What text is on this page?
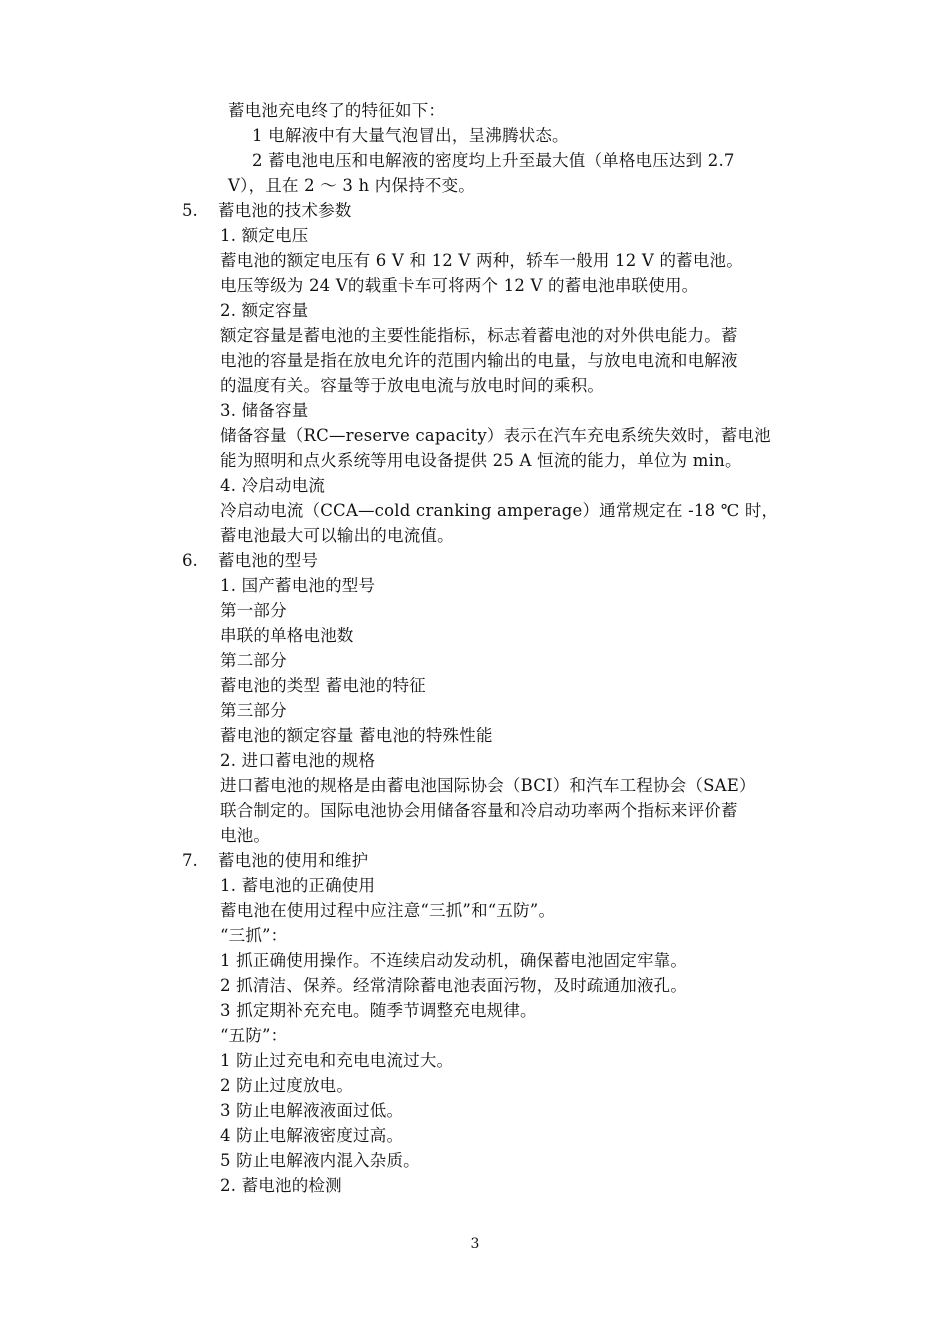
蓄电池充电终了的特征如下：
1 电解液中有大量气泡冒出，呈沸腾状态。
2 蓄电池电压和电解液的密度均上升至最大值（单格电压达到 2.7
V），且在 2 ～ 3 h 内保持不变。
5. 蓄电池的技术参数
1. 额定电压
蓄电池的额定电压有 6 V 和 12 V 两种，轿车一般用 12 V 的蓄电池。
电压等级为 24 V的载重卡车可将两个 12 V 的蓄电池串联使用。
2. 额定容量
额定容量是蓄电池的主要性能指标，标志着蓄电池的对外供电能力。蓄
电池的容量是指在放电允许的范围内输出的电量，与放电电流和电解液
的温度有关。容量等于放电电流与放电时间的乘积。
3. 储备容量
储备容量（RC—reserve capacity）表示在汽车充电系统失效时，蓄电池
能为照明和点火系统等用电设备提供 25 A 恒流的能力，单位为 min。
4. 冷启动电流
冷启动电流（CCA—cold cranking amperage）通常规定在 -18 ℃ 时，
蓄电池最大可以输出的电流值。
6. 蓄电池的型号
1. 国产蓄电池的型号
第一部分
串联的单格电池数
第二部分
蓄电池的类型 蓄电池的特征
第三部分
蓄电池的额定容量 蓄电池的特殊性能
2. 进口蓄电池的规格
进口蓄电池的规格是由蓄电池国际协会（BCI）和汽车工程协会（SAE）
联合制定的。国际电池协会用储备容量和冷启动功率两个指标来评价蓄
电池。
7. 蓄电池的使用和维护
1. 蓄电池的正确使用
蓄电池在使用过程中应注意“三抓”和“五防”。
“三抓”：
1 抓正确使用操作。不连续启动发动机，确保蓄电池固定牢靠。
2 抓清洁、保养。经常清除蓄电池表面污物，及时疏通加液孔。
3 抓定期补充充电。随季节调整充电规律。
“五防”：
1 防止过充电和充电电流过大。
2 防止过度放电。
3 防止电解液液面过低。
4 防止电解液密度过高。
5 防止电解液内混入杂质。
2. 蓄电池的检测
3
